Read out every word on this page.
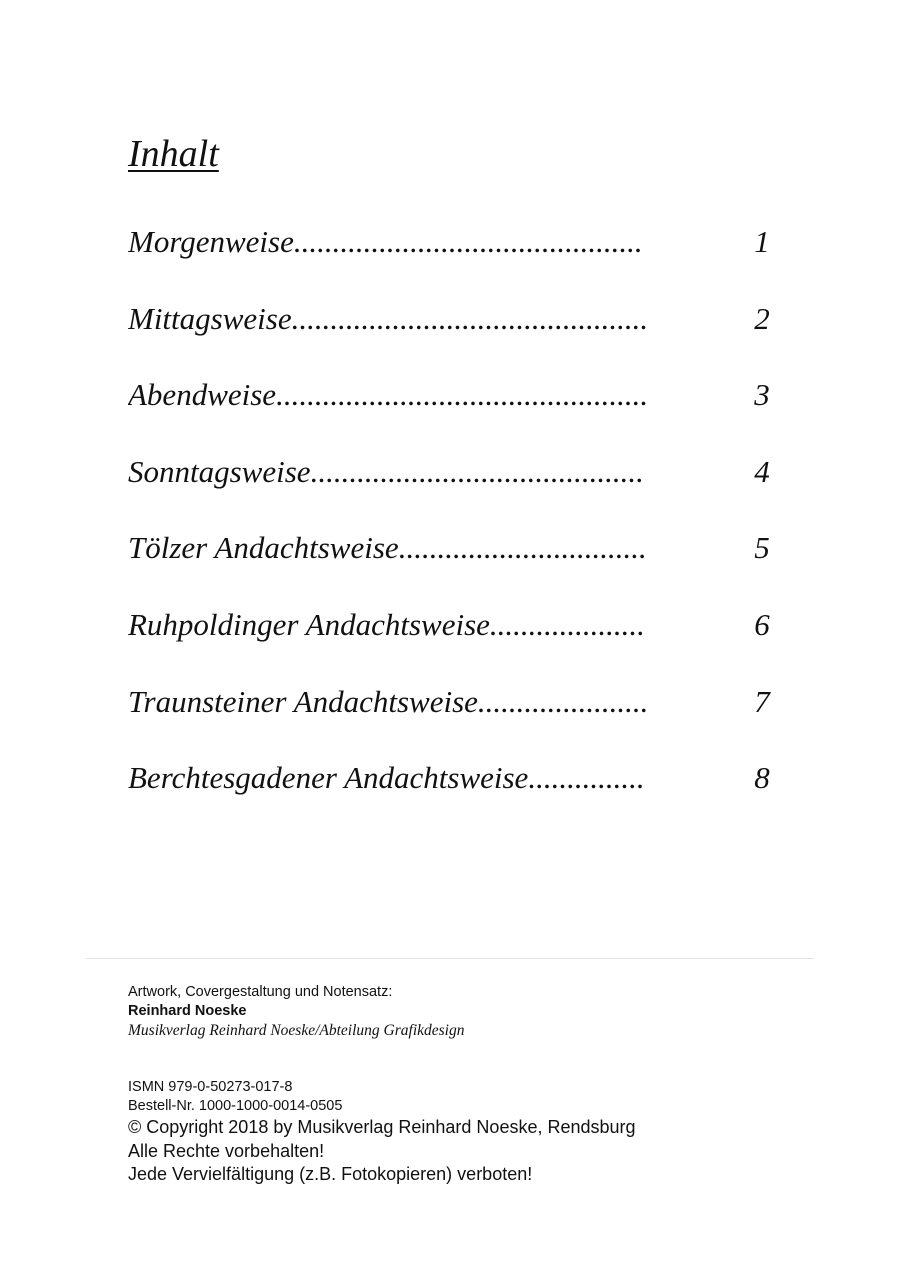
Inhalt
Morgenweise.............................................	1
Mittagsweise..............................................	2
Abendweise................................................	3
Sonntagsweise...........................................	4
Tölzer Andachtsweise................................	5
Ruhpoldinger Andachtsweise....................	6
Traunsteiner Andachtsweise......................	7
Berchtesgadener Andachtsweise...............	8
Artwork, Covergestaltung und Notensatz:
Reinhard Noeske
Musikverlag Reinhard Noeske/Abteilung Grafikdesign
ISMN 979-0-50273-017-8
Bestell-Nr. 1000-1000-0014-0505
© Copyright 2018 by Musikverlag Reinhard Noeske, Rendsburg
Alle Rechte vorbehalten!
Jede Vervielfältigung (z.B. Fotokopieren) verboten!
